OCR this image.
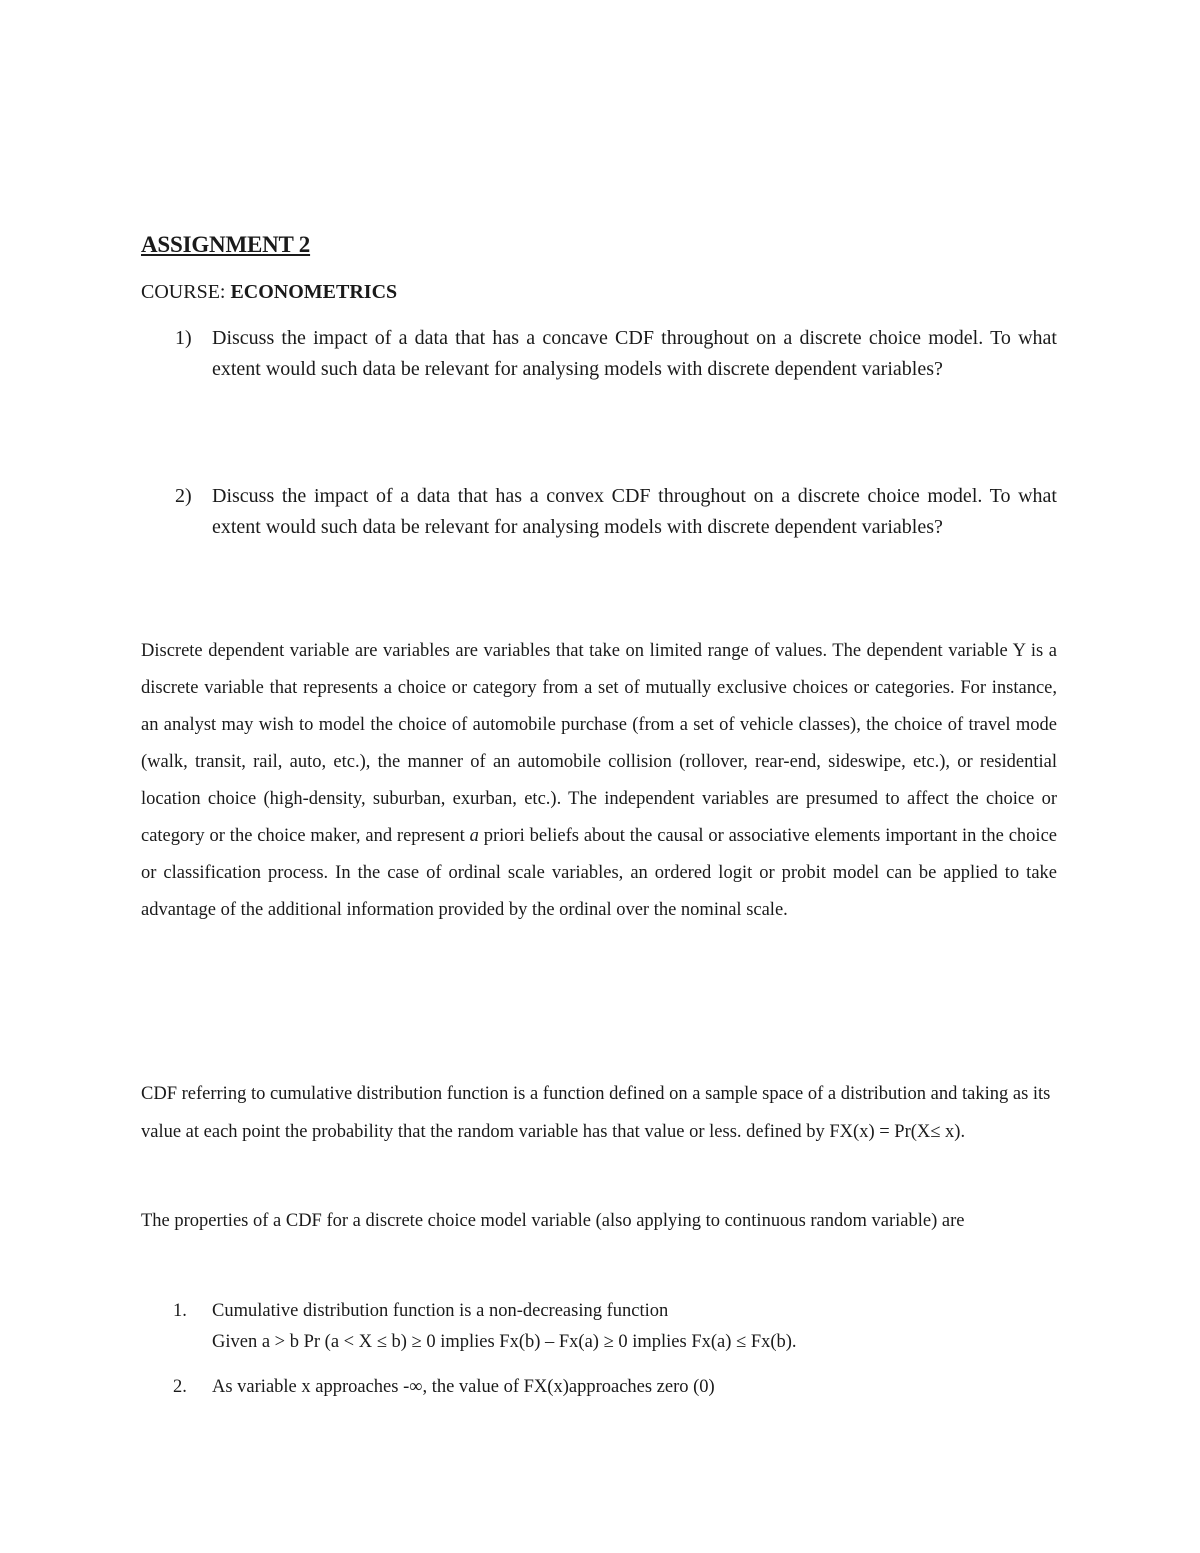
ASSIGNMENT 2
COURSE: ECONOMETRICS
1) Discuss the impact of a data that has a concave CDF throughout on a discrete choice model. To what extent would such data be relevant for analysing models with discrete dependent variables?
2) Discuss the impact of a data that has a convex CDF throughout on a discrete choice model. To what extent would such data be relevant for analysing models with discrete dependent variables?
Discrete dependent variable are variables are variables that take on limited range of values. The dependent variable Y is a discrete variable that represents a choice or category from a set of mutually exclusive choices or categories. For instance, an analyst may wish to model the choice of automobile purchase (from a set of vehicle classes), the choice of travel mode (walk, transit, rail, auto, etc.), the manner of an automobile collision (rollover, rear-end, sideswipe, etc.), or residential location choice (high-density, suburban, exurban, etc.). The independent variables are presumed to affect the choice or category or the choice maker, and represent a priori beliefs about the causal or associative elements important in the choice or classification process. In the case of ordinal scale variables, an ordered logit or probit model can be applied to take advantage of the additional information provided by the ordinal over the nominal scale.
CDF referring to cumulative distribution function is a function defined on a sample space of a distribution and taking as its value at each point the probability that the random variable has that value or less. defined by FX(x) = Pr(X≤ x).
The properties of a CDF for a discrete choice model variable (also applying to continuous random variable) are
1. Cumulative distribution function is a non-decreasing function
Given a > b Pr (a < X ≤ b) ≥ 0 implies Fx(b) – Fx(a) ≥ 0 implies Fx(a) ≤ Fx(b).
2. As variable x approaches -∞, the value of FX(x)approaches zero (0)
